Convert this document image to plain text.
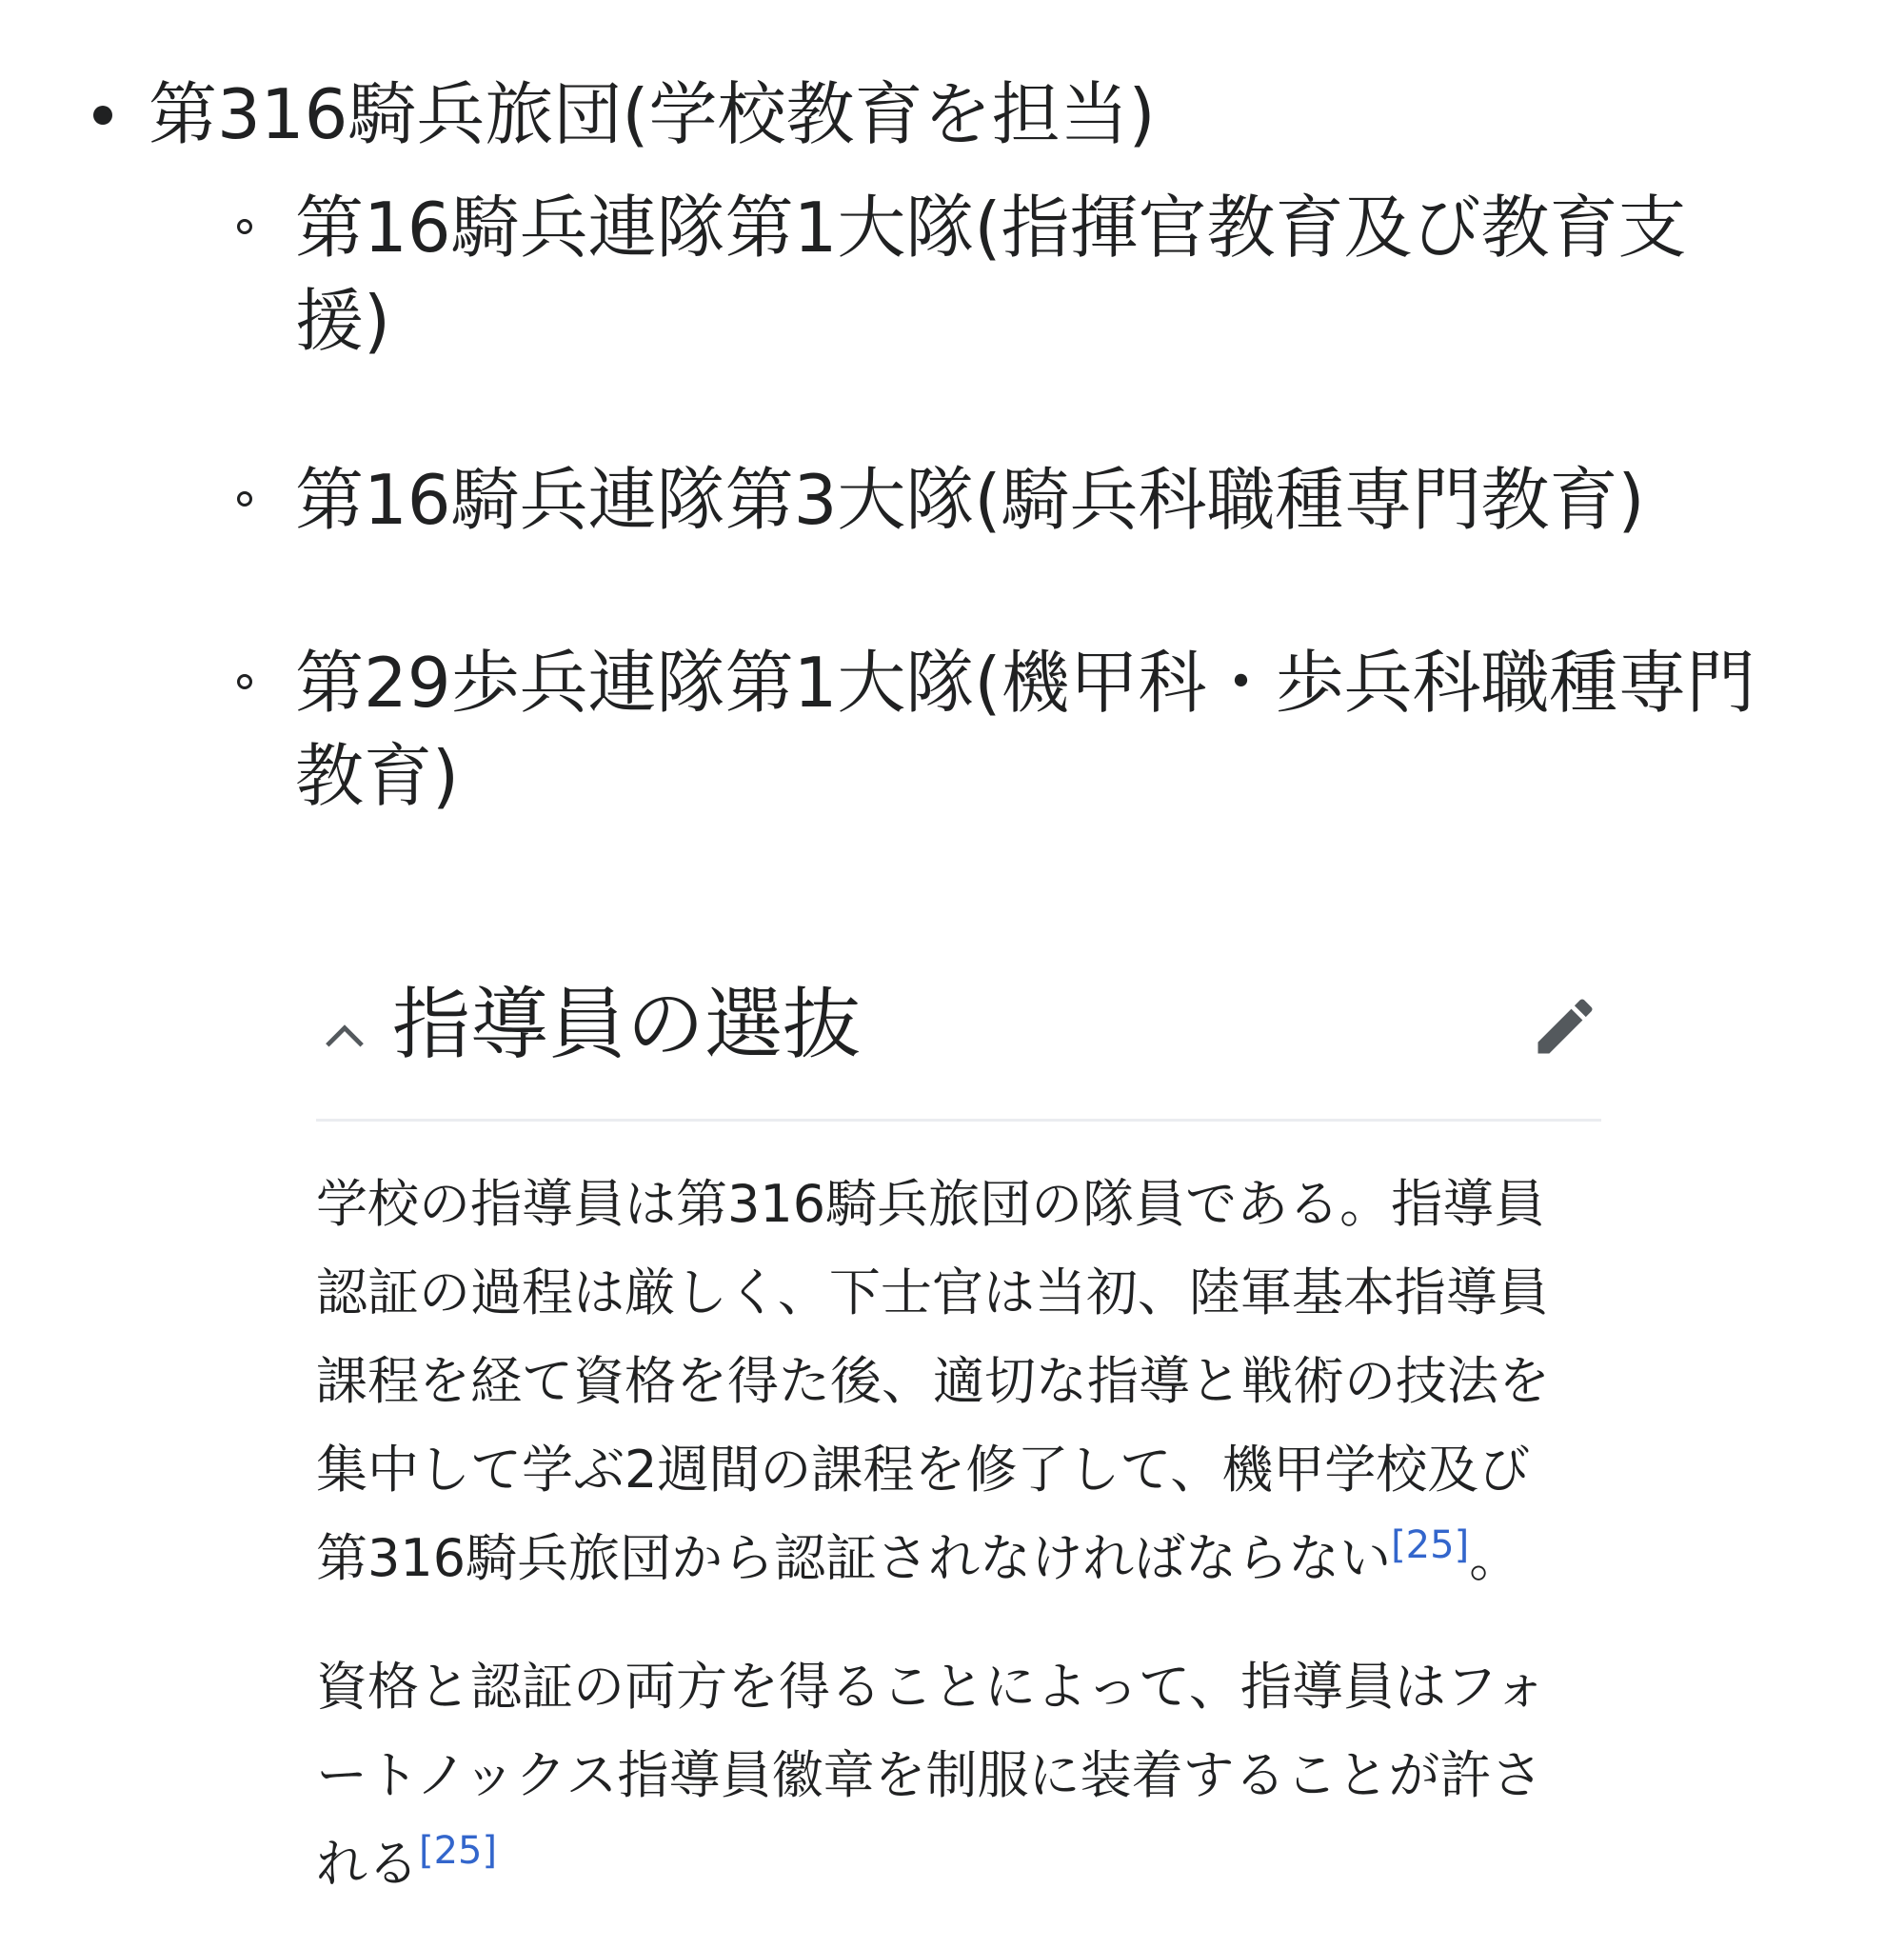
第316騎兵旅団(学校教育を担当)
第16騎兵連隊第1大隊(指揮官教育及び教育支
援)
第16騎兵連隊第3大隊(騎兵科職種専門教育)
第29歩兵連隊第1大隊(機甲科・歩兵科職種専門
教育)
指導員の選抜

学校の指導員は第316騎兵旅団の隊員である。指導員
認証の過程は厳しく、下士官は当初、陸軍基本指導員
課程を経て資格を得た後、適切な指導と戦術の技法を
集中して学ぶ2週間の課程を修了して、機甲学校及び
第316騎兵旅団から認証されなければならない[25]。

資格と認証の両方を得ることによって、指導員はフォ
ートノックス指導員徽章を制服に装着することが許さ
れる[25]
